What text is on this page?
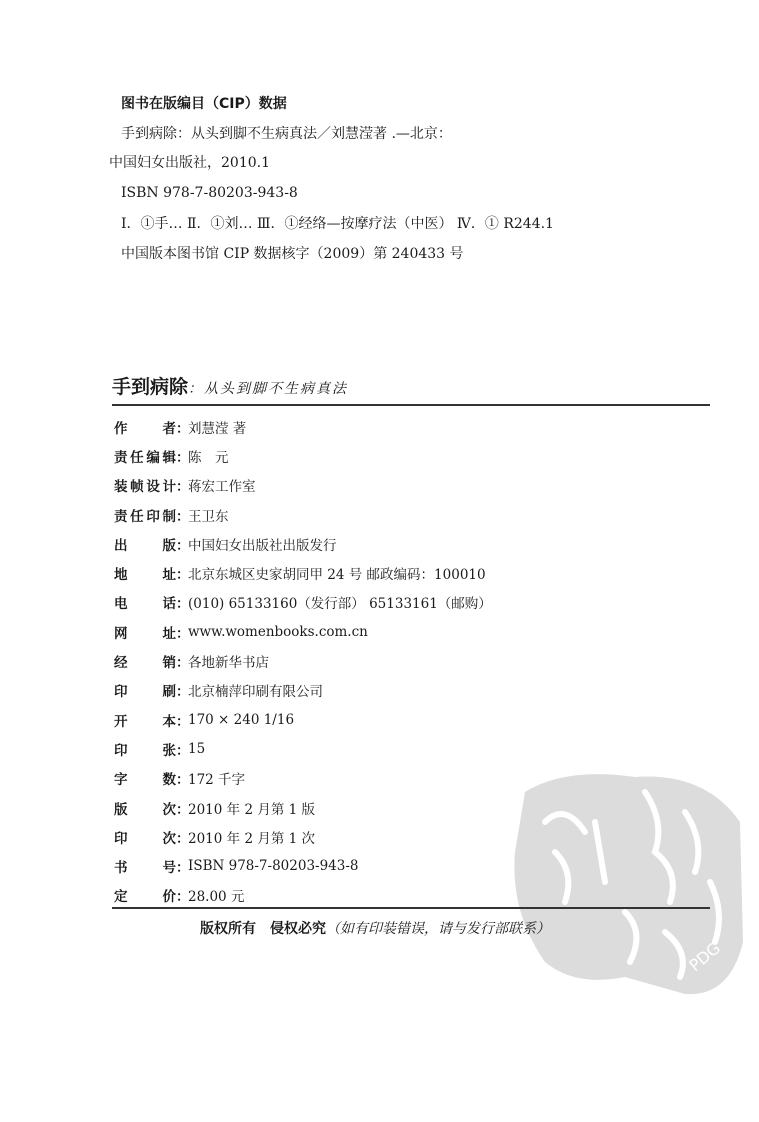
PDG
图书在版编目（CIP）数据
手到病除：从头到脚不生病真法／刘慧滢著 .—北京：
中国妇女出版社，2010.1
ISBN 978-7-80203-943-8
Ⅰ．①手… Ⅱ．①刘… Ⅲ．①经络—按摩疗法（中医） Ⅳ．① R244.1
中国版本图书馆 CIP 数据核字（2009）第 240433 号
手到病除：从头到脚不生病真法
作者 ：
刘慧滢 著
责任编辑 ：
陈　元
装帧设计 ：
蒋宏工作室
责任印制 ：
王卫东
出版 ：
中国妇女出版社出版发行
地址 ：
北京东城区史家胡同甲 24 号 邮政编码：100010
电话 ：
(010) 65133160（发行部） 65133161（邮购）
网址 ：
www.womenbooks.com.cn
经销 ：
各地新华书店
印刷 ：
北京楠萍印刷有限公司
开本 ：
170 × 240 1/16
印张 ：
15
字数 ：
172 千字
版次 ：
2010 年 2 月第 1 版
印次 ：
2010 年 2 月第 1 次
书号 ：
ISBN 978-7-80203-943-8
定价 ：
28.00 元
版权所有　侵权必究（如有印装错误，请与发行部联系）
